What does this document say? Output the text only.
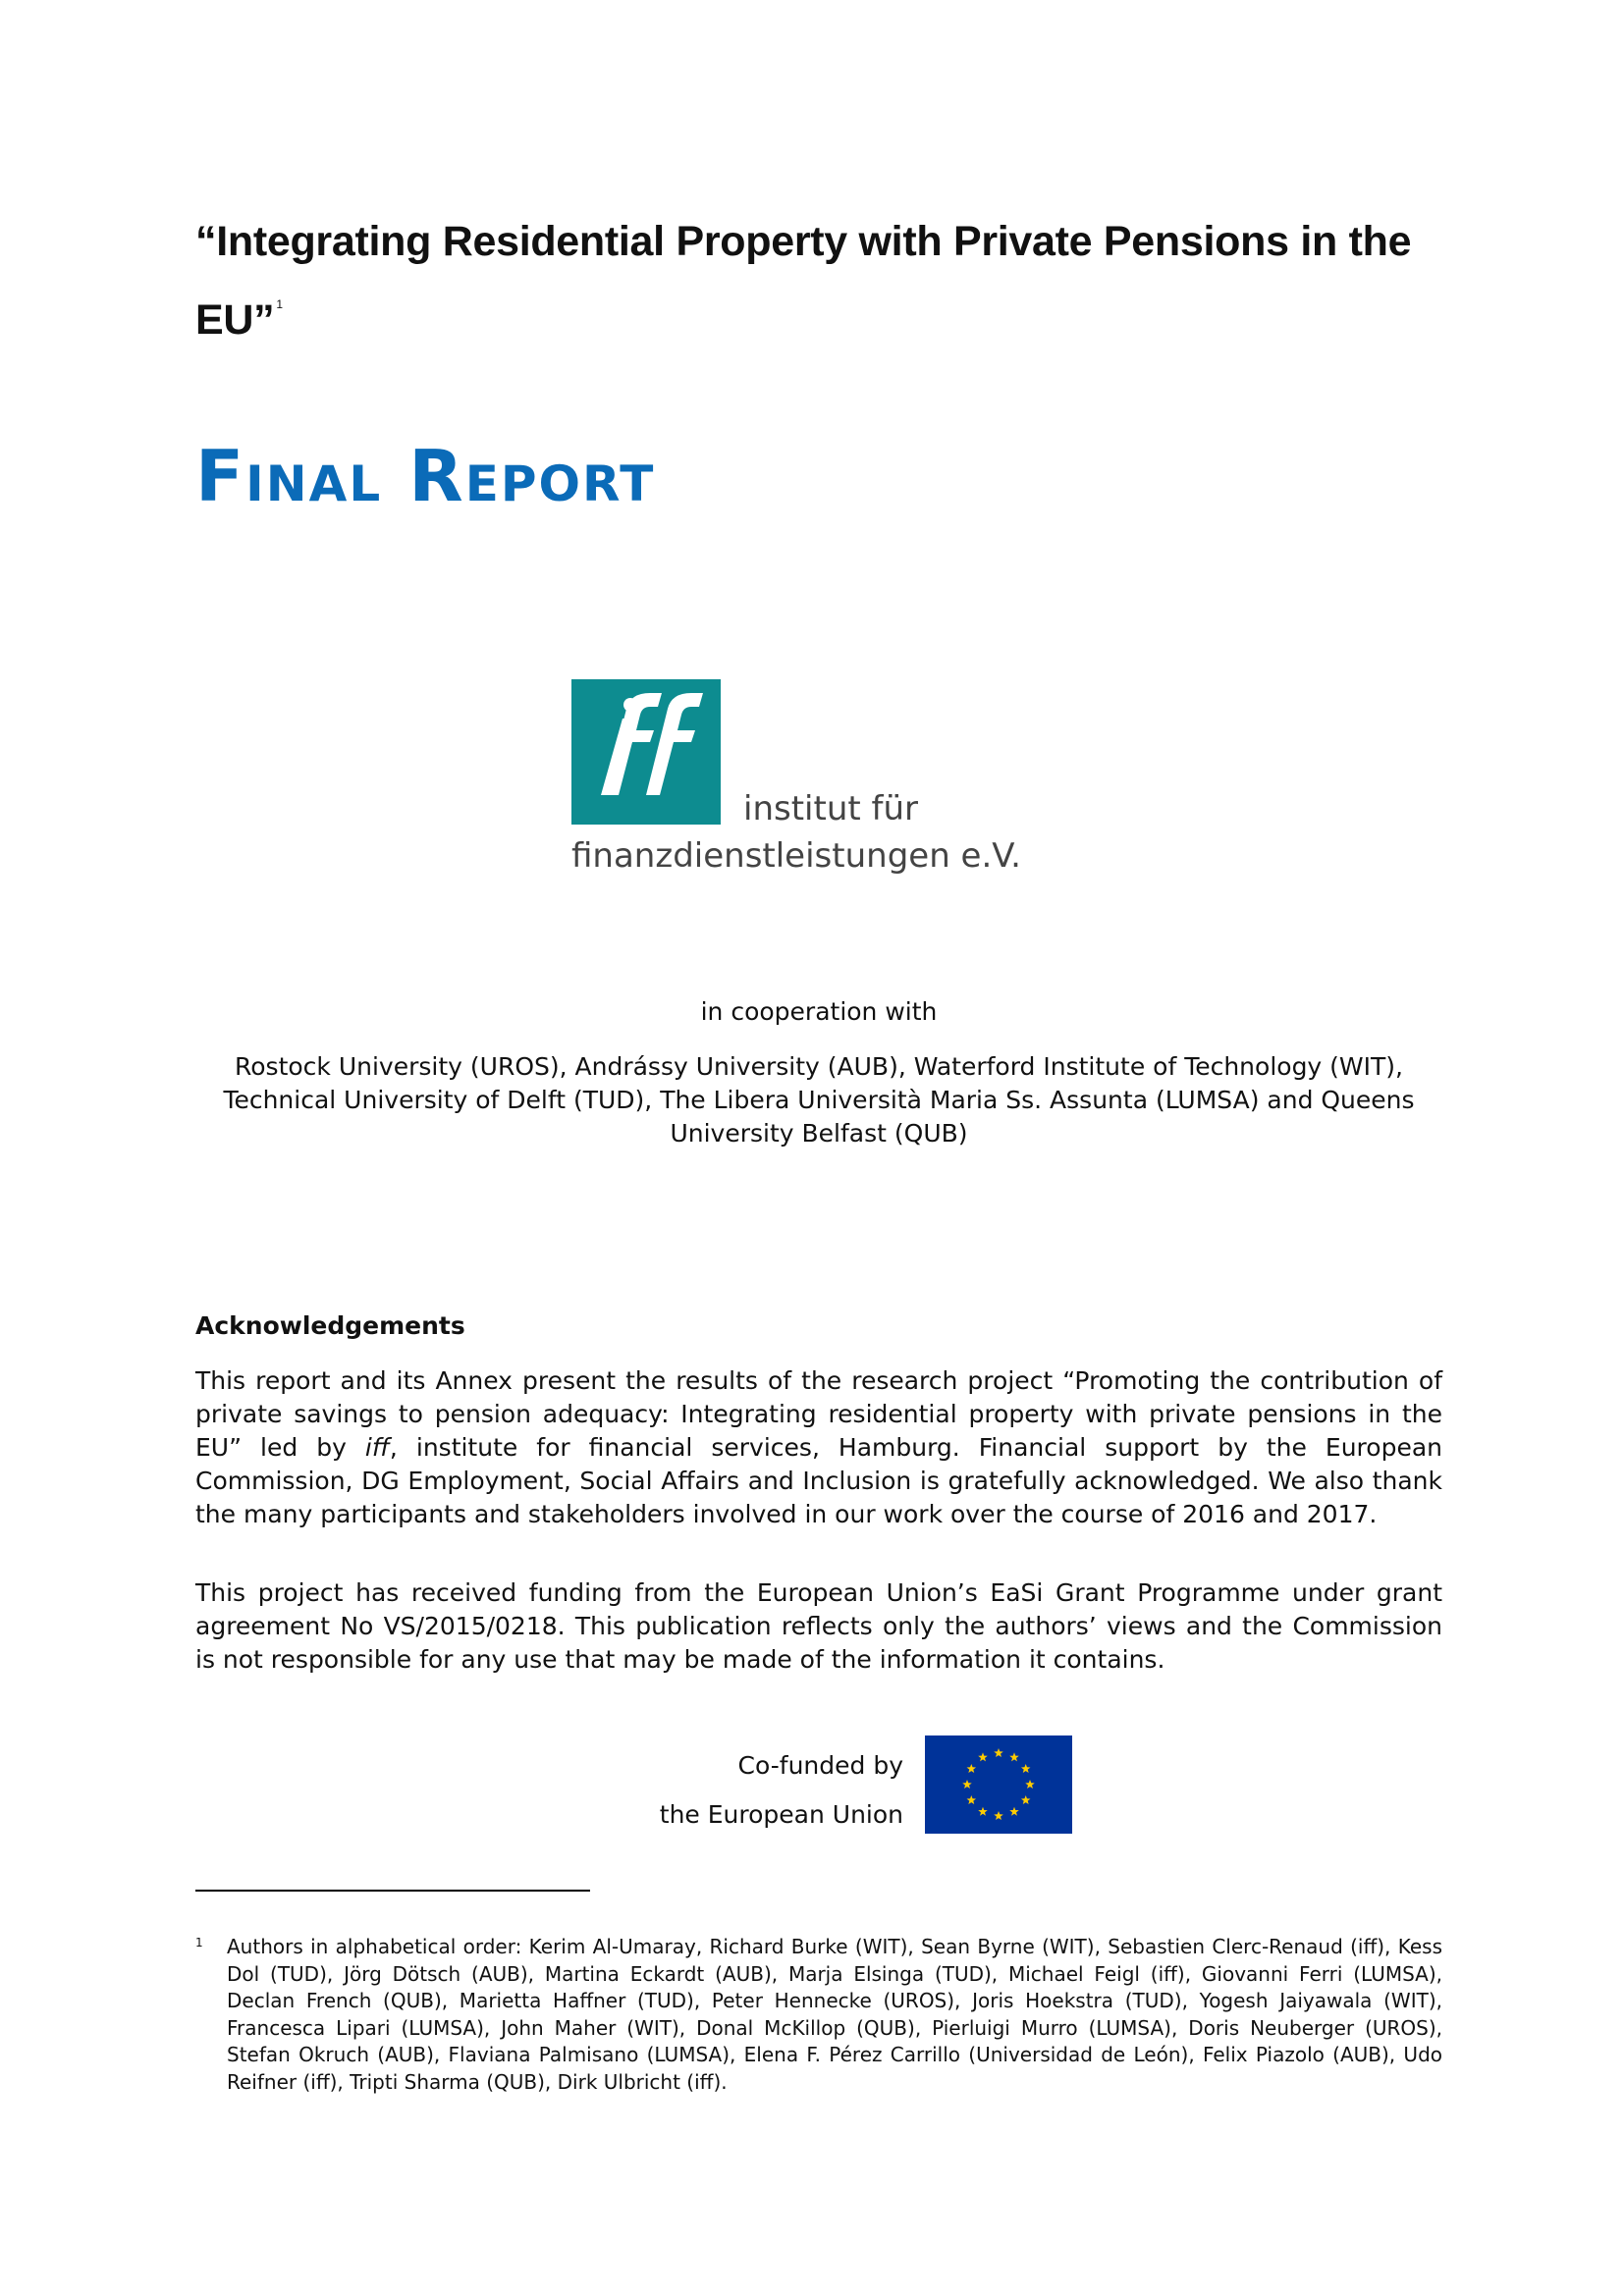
“Integrating Residential Property with Private Pensions in the EU” $^1$
Final Report
institut für
finanzdienstleistungen e.V.

in cooperation with

Rostock University (UROS), Andrássy University (AUB), Waterford Institute of Technology (WIT), Technical University of Delft (TUD), The Libera Università Maria Ss. Assunta (LUMSA) and Queens University Belfast (QUB)

Acknowledgements

This report and its Annex present the results of the research project “Promoting the contribution of private savings to pension adequacy: Integrating residential property with private pensions in the EU” led by iff, institute for financial services, Hamburg. Financial support by the European Commission, DG Employment, Social Affairs and Inclusion is gratefully acknowledged. We also thank the many participants and stakeholders involved in our work over the course of 2016 and 2017.

This project has received funding from the European Union’s EaSi Grant Programme under grant agreement No VS/2015/0218. This publication reflects only the authors’ views and the Commission is not responsible for any use that may be made of the information it contains.

Co-funded by
the European Union

1	Authors in alphabetical order: Kerim Al-Umaray, Richard Burke (WIT), Sean Byrne (WIT), Sebastien Clerc-Renaud (iff), Kess Dol (TUD), Jörg Dötsch (AUB), Martina Eckardt (AUB), Marja Elsinga (TUD), Michael Feigl (iff), Giovanni Ferri (LUMSA), Declan French (QUB), Marietta Haffner (TUD), Peter Hennecke (UROS), Joris Hoekstra (TUD), Yogesh Jaiyawala (WIT), Francesca Lipari (LUMSA), John Maher (WIT), Donal McKillop (QUB), Pierluigi Murro (LUMSA), Doris Neuberger (UROS), Stefan Okruch (AUB), Flaviana Palmisano (LUMSA), Elena F. Pérez Carrillo (Universidad de León), Felix Piazolo (AUB), Udo Reifner (iff), Tripti Sharma (QUB), Dirk Ulbricht (iff).
